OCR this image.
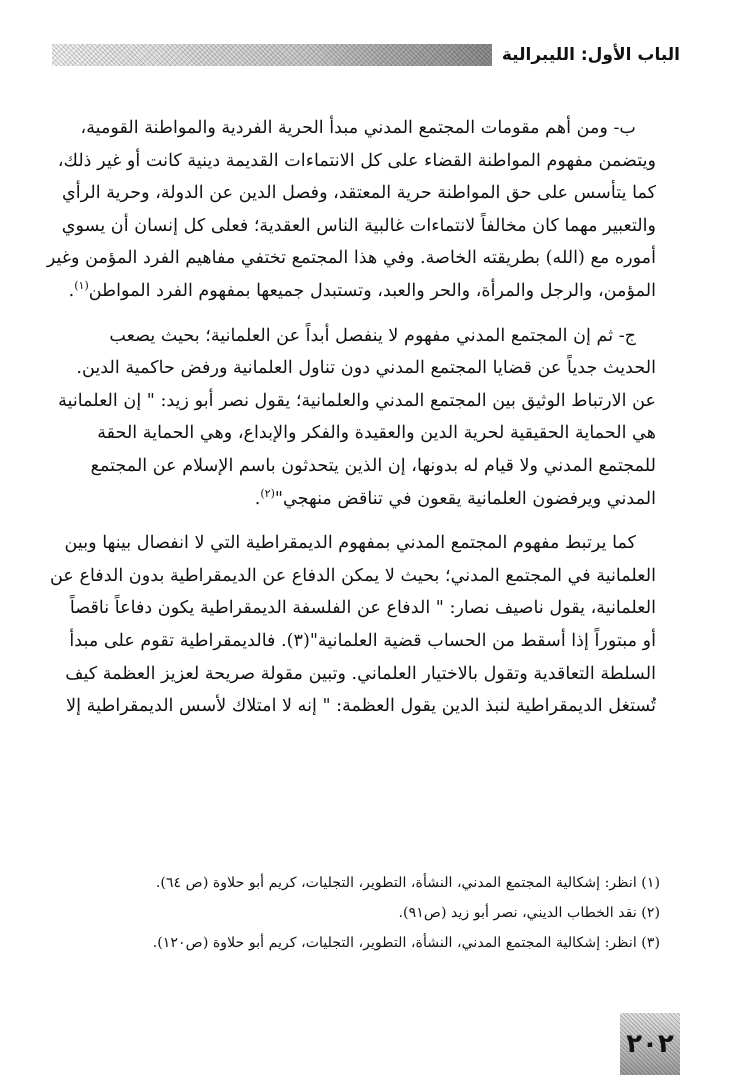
الباب الأول: الليبرالية

ب- ومن أهم مقومات المجتمع المدني مبدأ الحرية الفردية والمواطنة القومية،
ويتضمن مفهوم المواطنة القضاء على كل الانتماءات القديمة دينية كانت أو غير ذلك،
كما يتأسس على حق المواطنة حرية المعتقد، وفصل الدين عن الدولة، وحرية الرأي
والتعبير مهما كان مخالفاً لانتماءات غالبية الناس العقدية؛ فعلى كل إنسان أن يسوي
أموره مع (الله) بطريقته الخاصة. وفي هذا المجتمع تختفي مفاهيم الفرد المؤمن وغير
المؤمن، والرجل والمرأة، والحر والعبد، وتستبدل جميعها بمفهوم الفرد المواطن$^{(١)}$.

ج- ثم إن المجتمع المدني مفهوم لا ينفصل أبداً عن العلمانية؛ بحيث يصعب
الحديث جدياً عن قضايا المجتمع المدني دون تناول العلمانية ورفض حاكمية الدين.
عن الارتباط الوثيق بين المجتمع المدني والعلمانية؛ يقول نصر أبو زيد: " إن العلمانية
هي الحماية الحقيقية لحرية الدين والعقيدة والفكر والإبداع، وهي الحماية الحقة
للمجتمع المدني ولا قيام له بدونها، إن الذين يتحدثون باسم الإسلام عن المجتمع
المدني ويرفضون العلمانية يقعون في تناقض منهجي"$^{(٢)}$.

كما يرتبط مفهوم المجتمع المدني بمفهوم الديمقراطية التي لا انفصال بينها وبين
العلمانية في المجتمع المدني؛ بحيث لا يمكن الدفاع عن الديمقراطية بدون الدفاع عن
العلمانية، يقول ناصيف نصار: " الدفاع عن الفلسفة الديمقراطية يكون دفاعاً ناقصاً
أو مبتوراً إذا أسقط من الحساب قضية العلمانية"(٣). فالديمقراطية تقوم على مبدأ
السلطة التعاقدية وتقول بالاختيار العلماني. وتبين مقولة صريحة لعزيز العظمة كيف
تُستغل الديمقراطية لنبذ الدين يقول العظمة: " إنه لا امتلاك لأسس الديمقراطية إلا

(١) انظر: إشكالية المجتمع المدني، النشأة، التطوير، التجليات، كريم أبو حلاوة (ص ٦٤).
(٢) نقد الخطاب الديني، نصر أبو زيد (ص٩١).
(٣) انظر: إشكالية المجتمع المدني، النشأة، التطوير، التجليات، كريم أبو حلاوة (ص١٢٠).
٢٠٢
